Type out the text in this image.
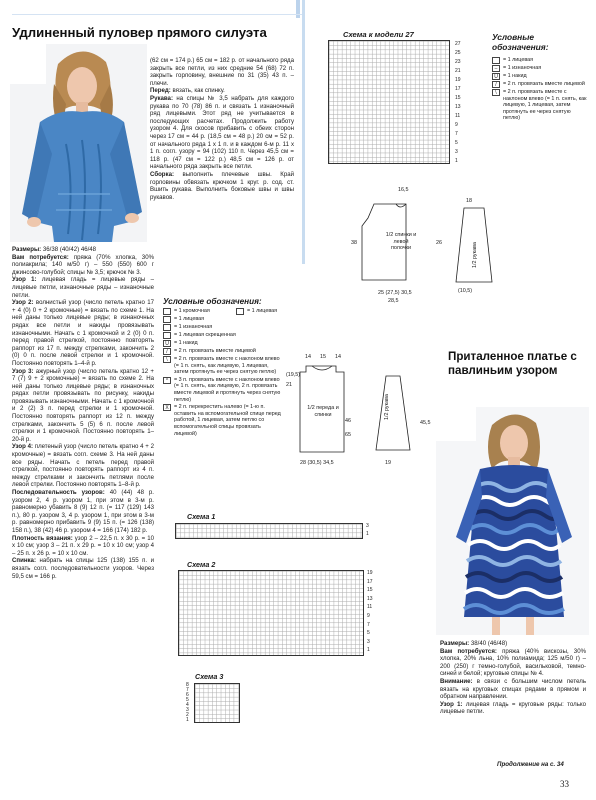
Удлиненный пуловер прямого силуэта

Размеры: 36/38 (40/42) 46/48

Вам потребуется: пряжа (70% хлопка, 30% полиакрила; 140 м/50 г) – 550 (550) 600 г джинсово-голубой; спицы № 3,5; крючок № 3.

Узор 1: лицевая гладь = лицевые ряды – лицевые петли, изнаночные ряды – изнаночные петли.

Узор 2: волнистый узор (число петель кратно 17 + 4 (0) 0 + 2 кромочные) = вязать по схеме 1. На ней даны только лицевые ряды; в изнаночных рядах все петли и накиды провязывать изнаночными. Начать с 1 кромочной и 2 (0) 0 п. перед правой стрелкой, постоянно повторять раппорт из 17 п. между стрелками, закончить 2 (0) 0 п. после левой стрелки и 1 кромочной. Постоянно повторять 1–4-й р.

Узор 3: ажурный узор (число петель кратно 12 + 7 (7) 9 + 2 кромочные) = вязать по схеме 2. На ней даны только лицевые ряды; в изнаночных рядах петли провязывать по рисунку, накиды провязывать изнаночными. Начать с 1 кромочной и 2 (2) 3 п. перед стрелки и 1 кромочной. Постоянно повторять раппорт из 12 п. между стрелками, закончить 5 (5) 6 п. после левой стрелки и 1 кромочной. Постоянно повторять 1–20-й р.

Узор 4: плетеный узор (число петель кратно 4 + 2 кромочные) = вязать согл. схеме 3. На ней даны все ряды. Начать с петель перед правой стрелкой, постоянно повторять раппорт из 4 п. между стрелками и закончить петлями после левой стрелки. Постоянно повторять 1–8-й р.

Последовательность узоров: 40 (44) 48 р. узором 2, 4 р. узором 1, при этом в 3-м р. равномерно убавить 8 (9) 12 п. (= 117 (129) 143 п.), 80 р. узором 3, 4 р. узором 1, при этом в 3-м р. равномерно прибавить 9 (9) 15 п. (= 126 (138) 158 п.), 38 (42) 46 р. узором 4 = 166 (174) 182 р.

Плотность вязания: узор 2 – 22,5 п. x 30 р. = 10 x 10 см; узор 3 – 21 п. x 29 р. = 10 x 10 см; узор 4 – 25 п. x 26 р. = 10 x 10 см.

Спинка: набрать на спицы 125 (138) 155 п. и вязать согл. последовательности узоров. Через 59,5 см = 166 р.

(62 см = 174 р.) 65 см = 182 р. от начального ряда закрыть все петли, из них средние 54 (68) 72 п. закрыть горловину, внешние по 31 (35) 43 п. – плечи.

Перед: вязать, как спинку.

Рукава: на спицы № 3,5 набрать для каждого рукава по 70 (78) 86 п. и связать 1 изнаночный ряд лицевыми. Этот ряд не учитывается в последующих расчетах. Продолжить работу узором 4. Для скосов прибавить с обеих сторон через 17 см = 44 р. (18,5 см = 48 р.) 20 см = 52 р. от начального ряда 1 x 1 п. и в каждом 6-м р. 11 x 1 п. согл. узору = 94 (102) 110 п. Через 45,5 см = 118 р. (47 см = 122 р.) 48,5 см = 126 р. от начального ряда закрыть все петли.

Сборка: выполнить плечевые швы. Край горловины обвязать крючком 1 круг. р. сод. ст. Вшить рукава. Выполнить боковые швы и швы рукавов.

Условные обозначения:
= 1 кромочная
= 1 лицевая
= 1 изнаночная
= 1 лицевая скрещенная
U = 1 накид
/	= 2 п. провязать вместе лицевой
\	= 2 п. провязать вместе с наклоном влево (= 1 п. снять, как лицевую, 1 лицевая, затем протянуть ее через снятую петлю)
^	= 3 п. провязать вместе с наклоном влево (= 1 п. снять, как лицевую, 2 п. провязать вместе лицевой и протянуть через снятую петлю)
X = 2 п. перекрестить налево (= 1-ю п. оставить на вспомогательной спице перед работой, 1 лицевая, затем петлю со вспомогательной спицы провязать лицевой)
= 1 лицевая
1/2 переда и спинки
28 (30,5) 34,5
14 15 14
(19,5)
21
65
46
1/2 рукава
19
45,5
Схема 1
3
1
Схема 2
19
17
15
13
11
9
7
5
3
1
Схема 3
8
7
6
5
4
3
2
1
Схема к модели 27
27
25
23
21
19
17
15
13
11
9
7
5
3
1
Условные обозначения:
= 1 лицевая
–	= 1 изнаночная
U = 1 накид
/	= 2 п. провязать вместе лицевой
\	= 2 п. провязать вместе с наклоном влево (= 1 п. снять, как лицевую, 1 лицевая, затем протянуть ее через снятую петлю)
1/2 спинки и левой полочки
25 (27,5) 30,5
28,5
16,5
38	1/2 рукава
18
26
(10,5)
Приталенное платье с павлиньим узором

Размеры: 38/40 (46/48)

Вам потребуется: пряжа (40% вискозы, 30% хлопка, 20% льна, 10% полиамида; 125 м/50 г) – 200 (250) г темно-голубой, васильковой, темно-синей и белой; круговые спицы № 4.

Внимание: в связи с большим числом петель вязать на круговых спицах рядами в прямом и обратном направлении.

Узор 1: лицевая гладь = круговые ряды: только лицевые петли.

Продолжение на с. 34
33
